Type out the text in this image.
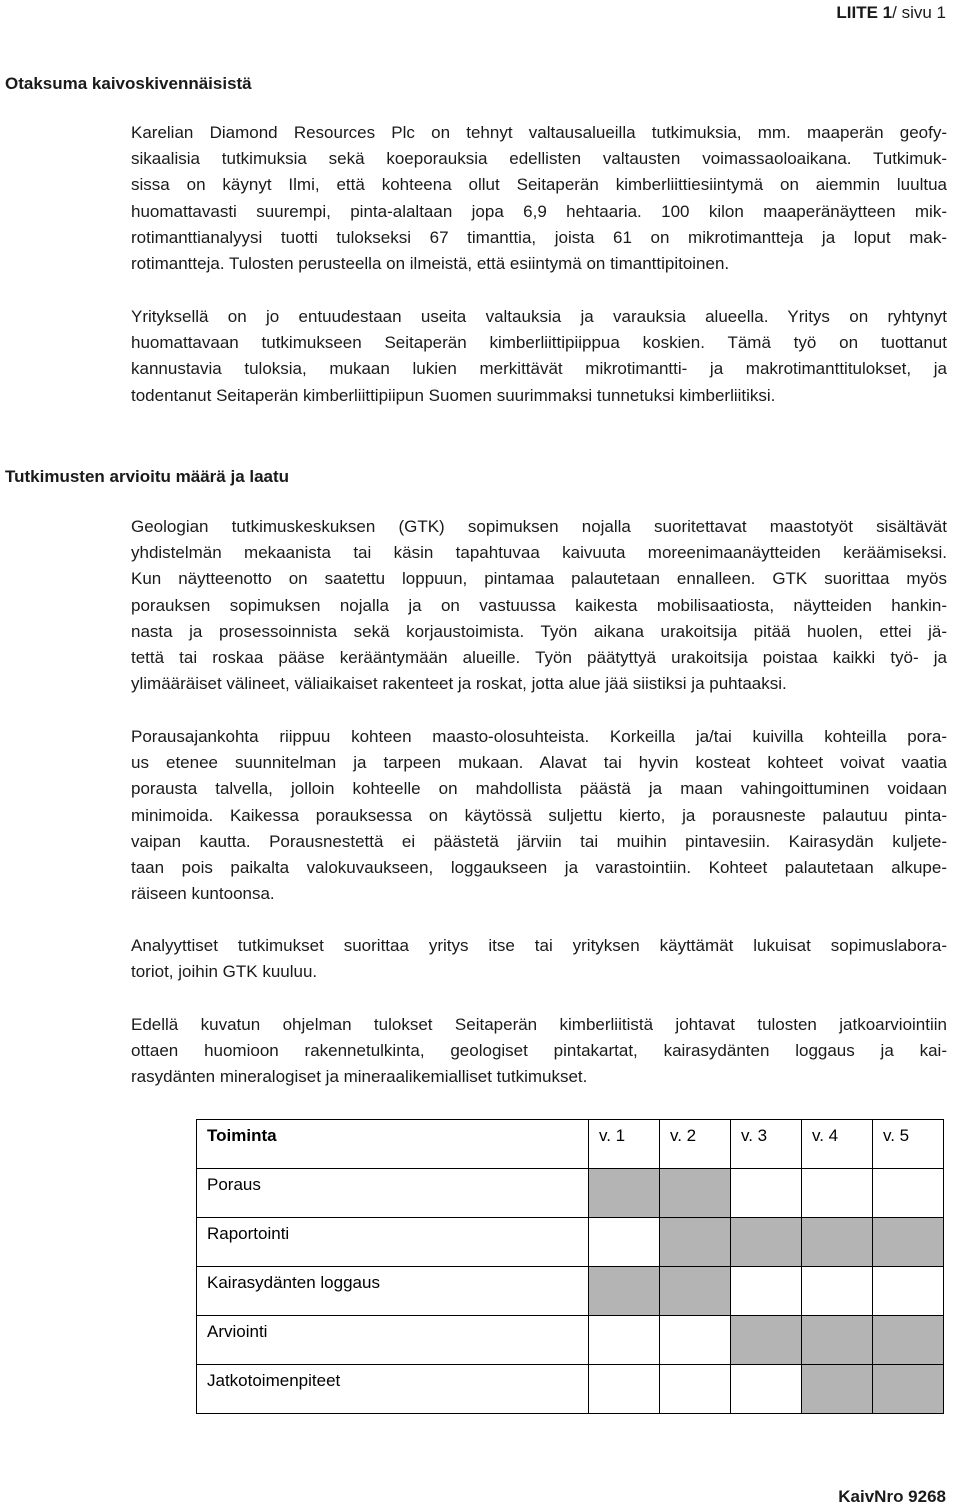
LIITE 1/ sivu 1
Otaksuma kaivoskivennäisistä
Karelian Diamond Resources Plc on tehnyt valtausalueilla tutkimuksia, mm. maaperän geofy-
sikaalisia tutkimuksia sekä koeporauksia edellisten valtausten voimassaoloaikana. Tutkimuk-
sissa on käynyt Ilmi, että kohteena ollut Seitaperän kimberliittiesiintymä on aiemmin luultua
huomattavasti suurempi, pinta-alaltaan jopa 6,9 hehtaaria. 100 kilon maaperänäytteen mik-
rotimanttianalyysi tuotti tulokseksi 67 timanttia, joista 61 on mikrotimantteja ja loput mak-
rotimantteja. Tulosten perusteella on ilmeistä, että esiintymä on timanttipitoinen.
Yrityksellä on jo entuudestaan useita valtauksia ja varauksia alueella. Yritys on ryhtynyt
huomattavaan tutkimukseen Seitaperän kimberliittipiippua koskien. Tämä työ on tuottanut
kannustavia tuloksia, mukaan lukien merkittävät mikrotimantti- ja makrotimanttitulokset, ja
todentanut Seitaperän kimberliittipiipun Suomen suurimmaksi tunnetuksi kimberliitiksi.
Tutkimusten arvioitu määrä ja laatu
Geologian tutkimuskeskuksen (GTK) sopimuksen nojalla suoritettavat maastotyöt sisältävät
yhdistelmän mekaanista tai käsin tapahtuvaa kaivuuta moreenimaanäytteiden keräämiseksi.
Kun näytteenotto on saatettu loppuun, pintamaa palautetaan ennalleen. GTK suorittaa myös
porauksen sopimuksen nojalla ja on vastuussa kaikesta mobilisaatiosta, näytteiden hankin-
nasta ja prosessoinnista sekä korjaustoimista. Työn aikana urakoitsija pitää huolen, ettei jä-
tettä tai roskaa pääse kerääntymään alueille. Työn päätyttyä urakoitsija poistaa kaikki työ- ja
ylimääräiset välineet, väliaikaiset rakenteet ja roskat, jotta alue jää siistiksi ja puhtaaksi.
Porausajankohta riippuu kohteen maasto-olosuhteista. Korkeilla ja/tai kuivilla kohteilla pora-
us etenee suunnitelman ja tarpeen mukaan. Alavat tai hyvin kosteat kohteet voivat vaatia
porausta talvella, jolloin kohteelle on mahdollista päästä ja maan vahingoittuminen voidaan
minimoida. Kaikessa porauksessa on käytössä suljettu kierto, ja porausneste palautuu pinta-
vaipan kautta. Porausnestettä ei päästetä järviin tai muihin pintavesiin. Kairasydän kuljete-
taan pois paikalta valokuvaukseen, loggaukseen ja varastointiin. Kohteet palautetaan alkupe-
räiseen kuntoonsa.
Analyyttiset tutkimukset suorittaa yritys itse tai yrityksen käyttämät lukuisat sopimuslabora-
toriot, joihin GTK kuuluu.
Edellä kuvatun ohjelman tulokset Seitaperän kimberliitistä johtavat tulosten jatkoarviointiin
ottaen huomioon rakennetulkinta, geologiset pintakartat, kairasydänten loggaus ja kai-
rasydänten mineralogiset ja mineraalikemialliset tutkimukset.
Toiminta	v. 1	v. 2	v. 3	v. 4	v. 5
Poraus					
Raportointi					
Kairasydänten loggaus					
Arviointi					
Jatkotoimenpiteet					
KaivNro 9268
